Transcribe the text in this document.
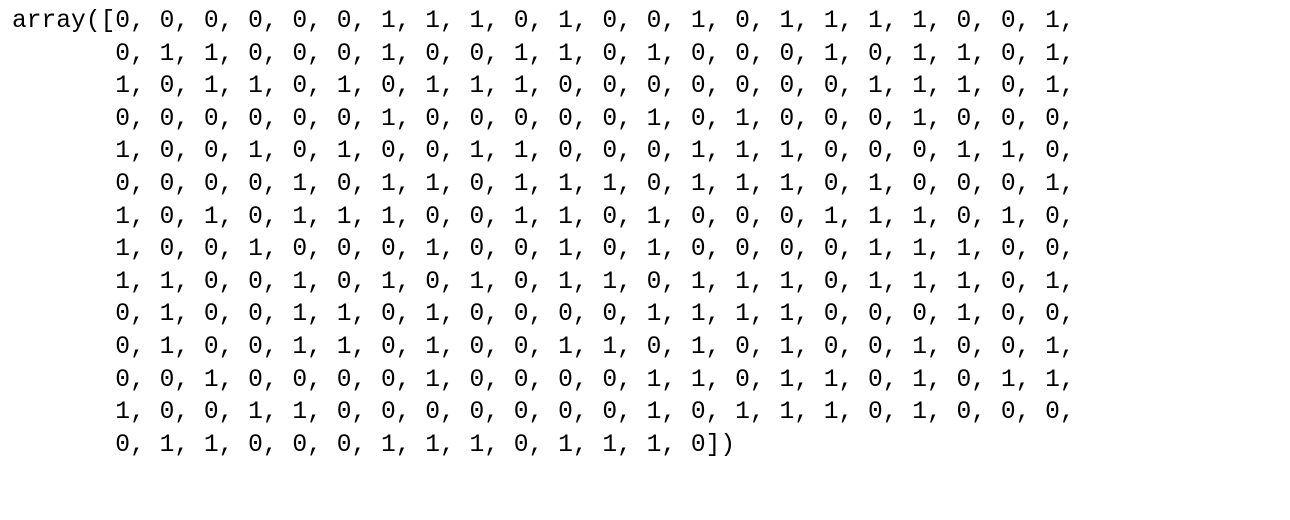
array([0, 0, 0, 0, 0, 0, 1, 1, 1, 0, 1, 0, 0, 1, 0, 1, 1, 1, 1, 0, 0, 1,
0, 1, 1, 0, 0, 0, 1, 0, 0, 1, 1, 0, 1, 0, 0, 0, 1, 0, 1, 1, 0, 1,
1, 0, 1, 1, 0, 1, 0, 1, 1, 1, 0, 0, 0, 0, 0, 0, 0, 1, 1, 1, 0, 1,
0, 0, 0, 0, 0, 0, 1, 0, 0, 0, 0, 0, 1, 0, 1, 0, 0, 0, 1, 0, 0, 0,
1, 0, 0, 1, 0, 1, 0, 0, 1, 1, 0, 0, 0, 1, 1, 1, 0, 0, 0, 1, 1, 0,
0, 0, 0, 0, 1, 0, 1, 1, 0, 1, 1, 1, 0, 1, 1, 1, 0, 1, 0, 0, 0, 1,
1, 0, 1, 0, 1, 1, 1, 0, 0, 1, 1, 0, 1, 0, 0, 0, 1, 1, 1, 0, 1, 0,
1, 0, 0, 1, 0, 0, 0, 1, 0, 0, 1, 0, 1, 0, 0, 0, 0, 1, 1, 1, 0, 0,
1, 1, 0, 0, 1, 0, 1, 0, 1, 0, 1, 1, 0, 1, 1, 1, 0, 1, 1, 1, 0, 1,
0, 1, 0, 0, 1, 1, 0, 1, 0, 0, 0, 0, 1, 1, 1, 1, 0, 0, 0, 1, 0, 0,
0, 1, 0, 0, 1, 1, 0, 1, 0, 0, 1, 1, 0, 1, 0, 1, 0, 0, 1, 0, 0, 1,
0, 0, 1, 0, 0, 0, 0, 1, 0, 0, 0, 0, 1, 1, 0, 1, 1, 0, 1, 0, 1, 1,
1, 0, 0, 1, 1, 0, 0, 0, 0, 0, 0, 0, 1, 0, 1, 1, 1, 0, 1, 0, 0, 0,
0, 1, 1, 0, 0, 0, 1, 1, 1, 0, 1, 1, 1, 0])
